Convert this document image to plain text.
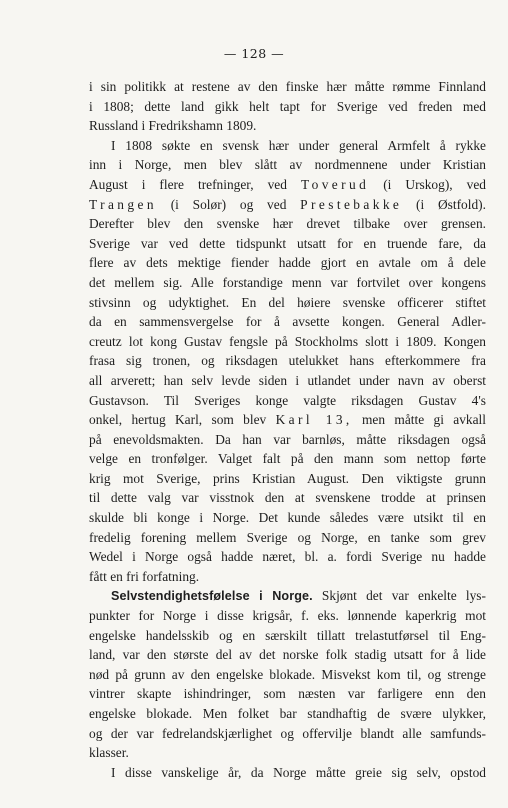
— 128 —
i sin politikk at restene av den finske hær måtte rømme Finnland
i 1808; dette land gikk helt tapt for Sverige ved freden med
Russland i Fredrikshamn 1809.
I 1808 søkte en svensk hær under general Armfelt å rykke
inn i Norge, men blev slått av nordmennene under Kristian
August i flere trefninger, ved Toverud (i Urskog), ved
Trangen (i Solør) og ved Prestebakke (i Østfold).
Derefter blev den svenske hær drevet tilbake over grensen.
Sverige var ved dette tidspunkt utsatt for en truende fare, da
flere av dets mektige fiender hadde gjort en avtale om å dele
det mellem sig. Alle forstandige menn var fortvilet over kongens
stivsinn og udyktighet. En del høiere svenske officerer stiftet
da en sammensvergelse for å avsette kongen. General Adler-
creutz lot kong Gustav fengsle på Stockholms slott i 1809. Kongen
frasa sig tronen, og riksdagen utelukket hans efterkommere fra
all arverett; han selv levde siden i utlandet under navn av oberst
Gustavson. Til Sveriges konge valgte riksdagen Gustav 4's
onkel, hertug Karl, som blev Karl 13, men måtte gi avkall
på enevoldsmakten. Da han var barnløs, måtte riksdagen også
velge en tronfølger. Valget falt på den mann som nettop førte
krig mot Sverige, prins Kristian August. Den viktigste grunn
til dette valg var visstnok den at svenskene trodde at prinsen
skulde bli konge i Norge. Det kunde således være utsikt til en
fredelig forening mellem Sverige og Norge, en tanke som grev
Wedel i Norge også hadde næret, bl. a. fordi Sverige nu hadde
fått en fri forfatning.
Selvstendighetsfølelse i Norge. Skjønt det var enkelte lys-
punkter for Norge i disse krigsår, f. eks. lønnende kaperkrig mot
engelske handelsskib og en særskilt tillatt trelastutførsel til Eng-
land, var den største del av det norske folk stadig utsatt for å lide
nød på grunn av den engelske blokade. Misvekst kom til, og strenge
vintrer skapte ishindringer, som næsten var farligere enn den
engelske blokade. Men folket bar standhaftig de svære ulykker,
og der var fedrelandskjærlighet og offervilje blandt alle samfunds-
klasser.
I disse vanskelige år, da Norge måtte greie sig selv, opstod
